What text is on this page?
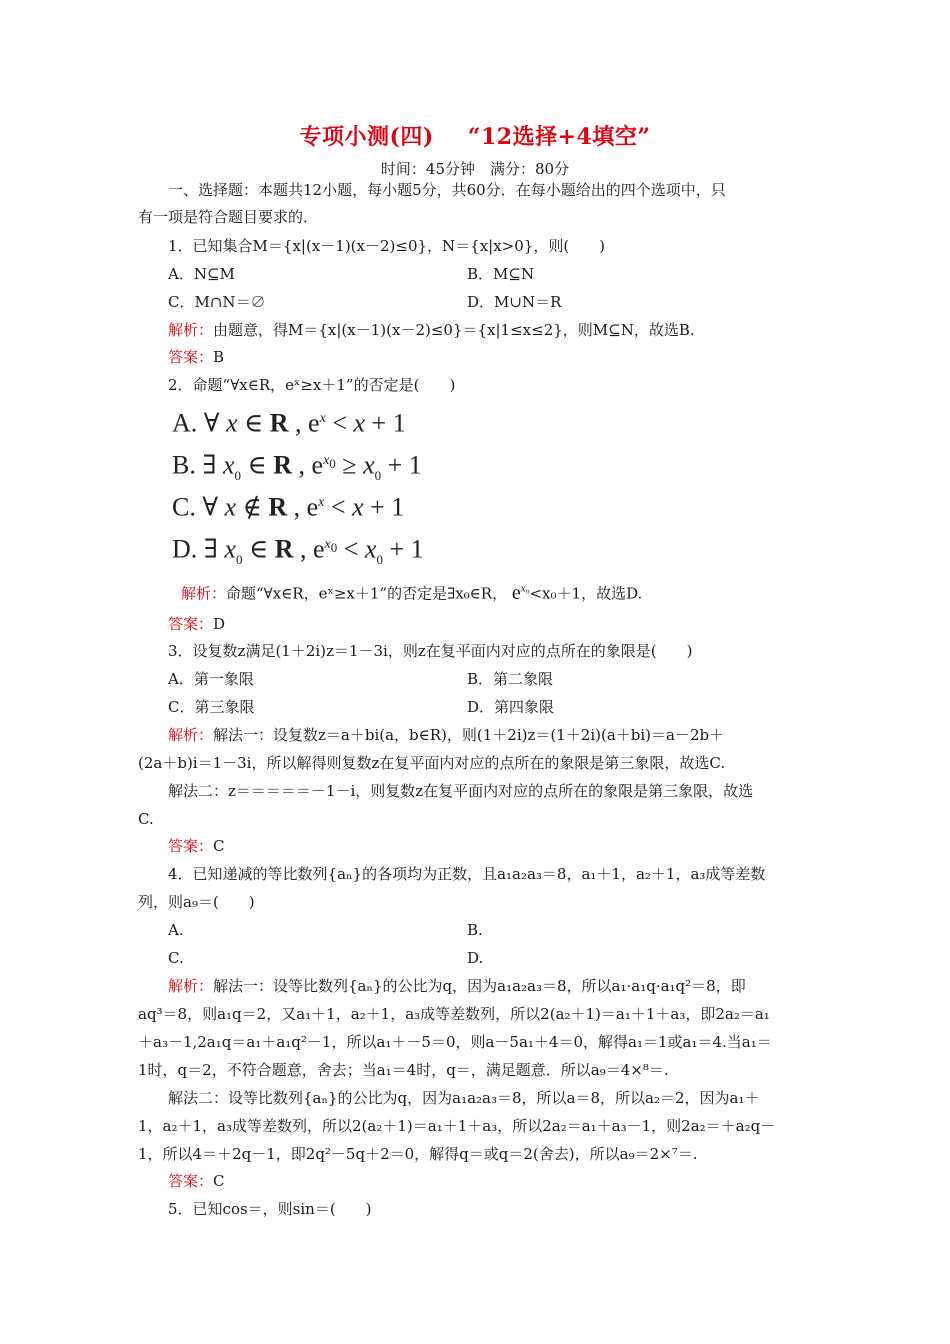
专项小测(四) “12选择+4填空”
时间：45分钟　满分：80分
一、选择题：本题共12小题，每小题5分，共60分．在每小题给出的四个选项中，只
有一项是符合题目要求的．
1．已知集合M＝{x|(x－1)(x－2)≤0}，N＝{x|x>0}，则(　　)
A．N⊆M	B．M⊆N
C．M∩N＝∅	D．M∪N＝R
解析：由题意，得M＝{x|(x－1)(x－2)≤0}＝{x|1≤x≤2}，则M⊆N，故选B.
答案：B
2．命题“∀x∈R，eˣ≥x＋1”的否定是(　　)
A. ∀ x ∈ R , $e^x < x + 1$
B. ∃ $x_0$ ∈ R , $e^{x_0} \ge x_0 + 1$
C. ∀ x ∉ R , $e^x < x + 1$
D. ∃ $x_0$ ∈ R , $e^{x_0} < x_0 + 1$
解析：命题“∀x∈R，eˣ≥x＋1”的否定是∃x₀∈R， $e^{x_0}<x_0+1$，故选D.
答案：D
3．设复数z满足(1＋2i)z＝1－3i，则z在复平面内对应的点所在的象限是(　　)
A．第一象限	B．第二象限
C．第三象限	D．第四象限
解析：解法一：设复数z＝a＋bi(a，b∈R)，则(1＋2i)z＝(1＋2i)(a＋bi)＝a－2b＋
(2a＋b)i＝1－3i，所以解得则复数z在复平面内对应的点所在的象限是第三象限，故选C.
解法二：z＝＝＝＝＝－1－i，则复数z在复平面内对应的点所在的象限是第三象限，故选
C.
答案：C
4．已知递减的等比数列{aₙ}的各项均为正数，且a₁a₂a₃＝8，a₁＋1，a₂＋1，a₃成等差数
列，则a₉＝(　　)
A.	B.
C.	D.
解析：解法一：设等比数列{aₙ}的公比为q，因为a₁a₂a₃＝8，所以a₁·a₁q·a₁q²＝8，即
aq³＝8，则a₁q＝2，又a₁＋1，a₂＋1，a₃成等差数列，所以2(a₂＋1)＝a₁＋1＋a₃，即2a₂＝a₁
＋a₃－1,2a₁q＝a₁＋a₁q²－1，所以a₁＋－5＝0，则a－5a₁＋4＝0，解得a₁＝1或a₁＝4.当a₁＝
1时，q＝2，不符合题意，舍去；当a₁＝4时，q＝，满足题意．所以a₉＝4×⁸＝.
解法二：设等比数列{aₙ}的公比为q，因为a₁a₂a₃＝8，所以a＝8，所以a₂＝2，因为a₁＋
1，a₂＋1，a₃成等差数列，所以2(a₂＋1)＝a₁＋1＋a₃，所以2a₂＝a₁＋a₃－1，则2a₂＝＋a₂q－
1，所以4＝＋2q－1，即2q²－5q＋2＝0，解得q＝或q＝2(舍去)，所以a₉＝2×⁷＝.
答案：C
5．已知cos＝，则sin＝(　　)
